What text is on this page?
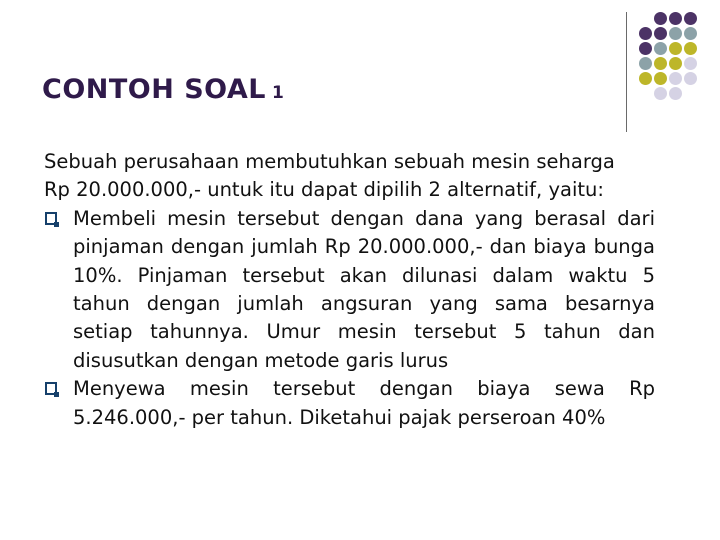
CONTOH SOAL 1
Sebuah perusahaan membutuhkan sebuah mesin seharga
Rp 20.000.000,- untuk itu dapat dipilih 2 alternatif, yaitu:
Membeli mesin tersebut dengan dana yang berasal dari pinjaman dengan jumlah Rp 20.000.000,- dan biaya bunga 10%. Pinjaman tersebut akan dilunasi dalam waktu 5 tahun dengan jumlah angsuran yang sama besarnya setiap tahunnya. Umur mesin tersebut 5 tahun dan disusutkan dengan metode garis lurus
Menyewa mesin tersebut dengan biaya sewa Rp 5.246.000,- per tahun. Diketahui pajak perseroan 40%
